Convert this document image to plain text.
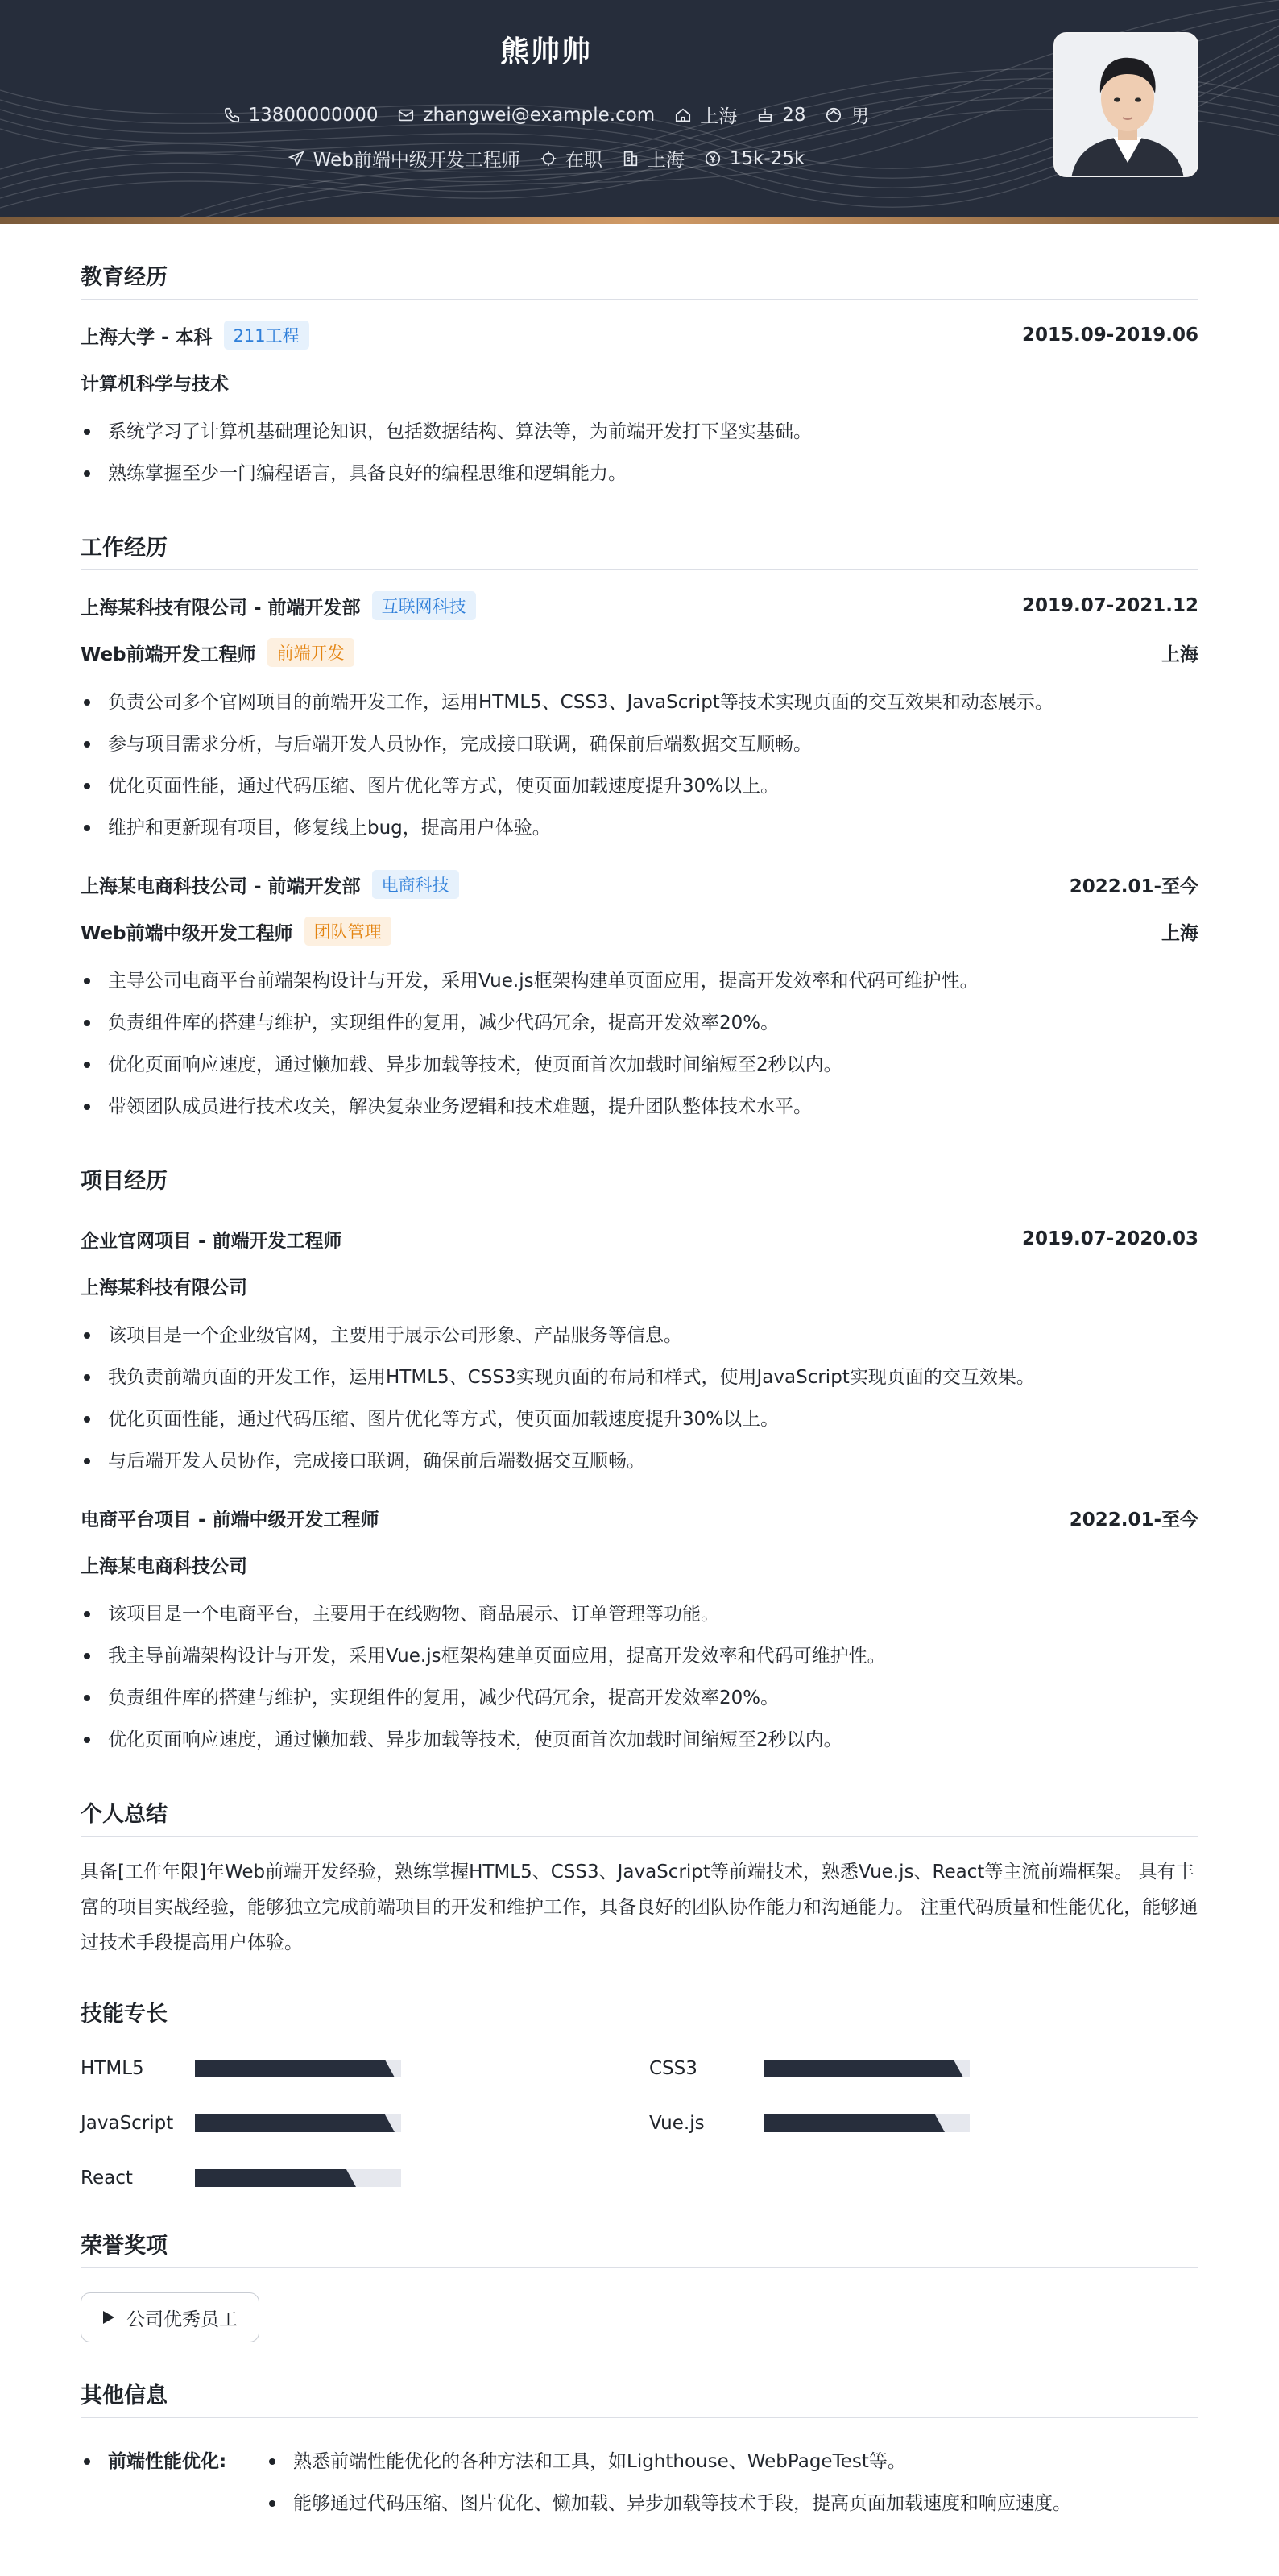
熊帅帅
13800000000 zhangwei@example.com 上海 28 男
Web前端中级开发工程师 在职 上海 15k-25k
教育经历
上海大学 - 本科	211工程	2015.09-2019.06
计算机科学与技术
系统学习了计算机基础理论知识，包括数据结构、算法等，为前端开发打下坚实基础。
熟练掌握至少一门编程语言，具备良好的编程思维和逻辑能力。
工作经历
上海某科技有限公司 - 前端开发部	互联网科技	2019.07-2021.12
Web前端开发工程师	前端开发	上海
负责公司多个官网项目的前端开发工作，运用HTML5、CSS3、JavaScript等技术实现页面的交互效果和动态展示。
参与项目需求分析，与后端开发人员协作，完成接口联调，确保前后端数据交互顺畅。
优化页面性能，通过代码压缩、图片优化等方式，使页面加载速度提升30%以上。
维护和更新现有项目，修复线上bug，提高用户体验。
上海某电商科技公司 - 前端开发部	电商科技	2022.01-至今
Web前端中级开发工程师	团队管理	上海
主导公司电商平台前端架构设计与开发，采用Vue.js框架构建单页面应用，提高开发效率和代码可维护性。
负责组件库的搭建与维护，实现组件的复用，减少代码冗余，提高开发效率20%。
优化页面响应速度，通过懒加载、异步加载等技术，使页面首次加载时间缩短至2秒以内。
带领团队成员进行技术攻关，解决复杂业务逻辑和技术难题，提升团队整体技术水平。
项目经历
企业官网项目 - 前端开发工程师	2019.07-2020.03
上海某科技有限公司
该项目是一个企业级官网，主要用于展示公司形象、产品服务等信息。
我负责前端页面的开发工作，运用HTML5、CSS3实现页面的布局和样式，使用JavaScript实现页面的交互效果。
优化页面性能，通过代码压缩、图片优化等方式，使页面加载速度提升30%以上。
与后端开发人员协作，完成接口联调，确保前后端数据交互顺畅。
电商平台项目 - 前端中级开发工程师	2022.01-至今
上海某电商科技公司
该项目是一个电商平台，主要用于在线购物、商品展示、订单管理等功能。
我主导前端架构设计与开发，采用Vue.js框架构建单页面应用，提高开发效率和代码可维护性。
负责组件库的搭建与维护，实现组件的复用，减少代码冗余，提高开发效率20%。
优化页面响应速度，通过懒加载、异步加载等技术，使页面首次加载时间缩短至2秒以内。
个人总结
具备[工作年限]年Web前端开发经验，熟练掌握HTML5、CSS3、JavaScript等前端技术，熟悉Vue.js、React等主流前端框架。 具有丰富的项目实战经验，能够独立完成前端项目的开发和维护工作，具备良好的团队协作能力和沟通能力。 注重代码质量和性能优化，能够通过技术手段提高用户体验。
技能专长
HTML5	CSS3
JavaScript	Vue.js
React
荣誉奖项
公司优秀员工
其他信息
前端性能优化:	熟悉前端性能优化的各种方法和工具，如Lighthouse、WebPageTest等。
能够通过代码压缩、图片优化、懒加载、异步加载等技术手段，提高页面加载速度和响应速度。
